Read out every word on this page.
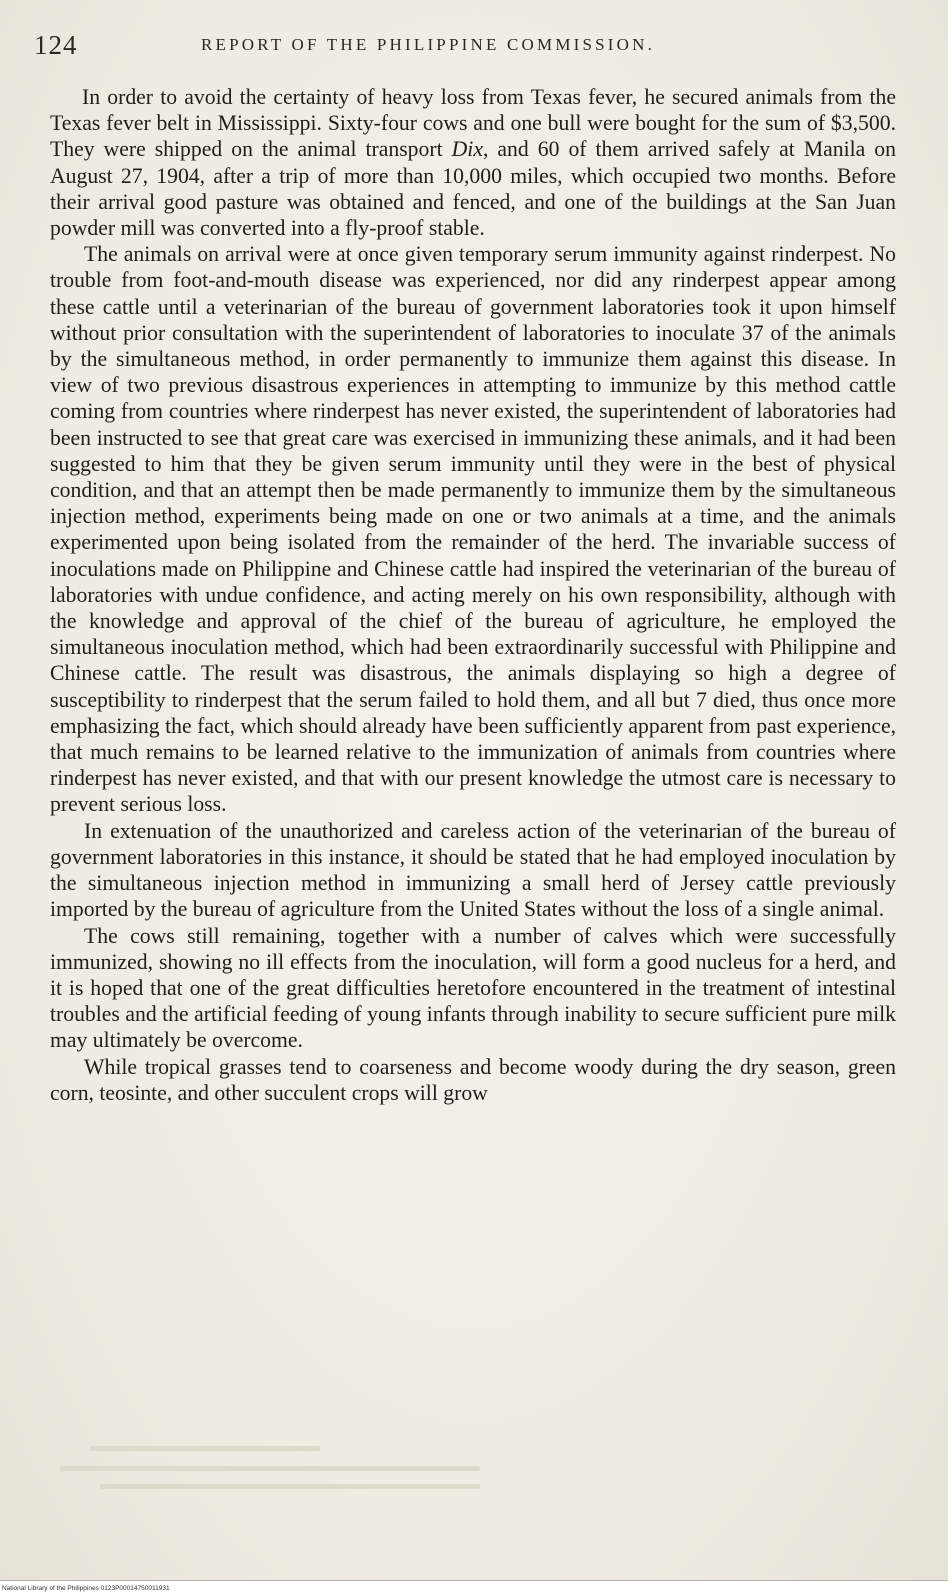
124	REPORT OF THE PHILIPPINE COMMISSION.

In order to avoid the certainty of heavy loss from Texas fever, he secured animals from the Texas fever belt in Mississippi. Sixty-four cows and one bull were bought for the sum of $3,500. They were shipped on the animal transport Dix, and 60 of them arrived safely at Manila on August 27, 1904, after a trip of more than 10,000 miles, which occupied two months. Before their arrival good pasture was obtained and fenced, and one of the buildings at the San Juan powder mill was converted into a fly-proof stable.

The animals on arrival were at once given temporary serum immunity against rinderpest. No trouble from foot-and-mouth disease was experienced, nor did any rinderpest appear among these cattle until a veterinarian of the bureau of government laboratories took it upon himself without prior consultation with the superintendent of laboratories to inoculate 37 of the animals by the simultaneous method, in order permanently to immunize them against this disease. In view of two previous disastrous experiences in attempting to immunize by this method cattle coming from countries where rinderpest has never existed, the superintendent of laboratories had been instructed to see that great care was exercised in immunizing these animals, and it had been suggested to him that they be given serum immunity until they were in the best of physical condition, and that an attempt then be made permanently to immunize them by the simultaneous injection method, experiments being made on one or two animals at a time, and the animals experimented upon being isolated from the remainder of the herd. The invariable success of inoculations made on Philippine and Chinese cattle had inspired the veterinarian of the bureau of laboratories with undue confidence, and acting merely on his own responsibility, although with the knowledge and approval of the chief of the bureau of agriculture, he employed the simultaneous inoculation method, which had been extraordinarily successful with Philippine and Chinese cattle. The result was disastrous, the animals displaying so high a degree of susceptibility to rinderpest that the serum failed to hold them, and all but 7 died, thus once more emphasizing the fact, which should already have been sufficiently apparent from past experience, that much remains to be learned relative to the immunization of animals from countries where rinderpest has never existed, and that with our present knowledge the utmost care is necessary to prevent serious loss.

In extenuation of the unauthorized and careless action of the veterinarian of the bureau of government laboratories in this instance, it should be stated that he had employed inoculation by the simultaneous injection method in immunizing a small herd of Jersey cattle previously imported by the bureau of agriculture from the United States without the loss of a single animal.

The cows still remaining, together with a number of calves which were successfully immunized, showing no ill effects from the inoculation, will form a good nucleus for a herd, and it is hoped that one of the great difficulties heretofore encountered in the treatment of intestinal troubles and the artificial feeding of young infants through inability to secure sufficient pure milk may ultimately be overcome.

While tropical grasses tend to coarseness and become woody during the dry season, green corn, teosinte, and other succulent crops will grow

National Library of the Philippines 0123P00014750011931
